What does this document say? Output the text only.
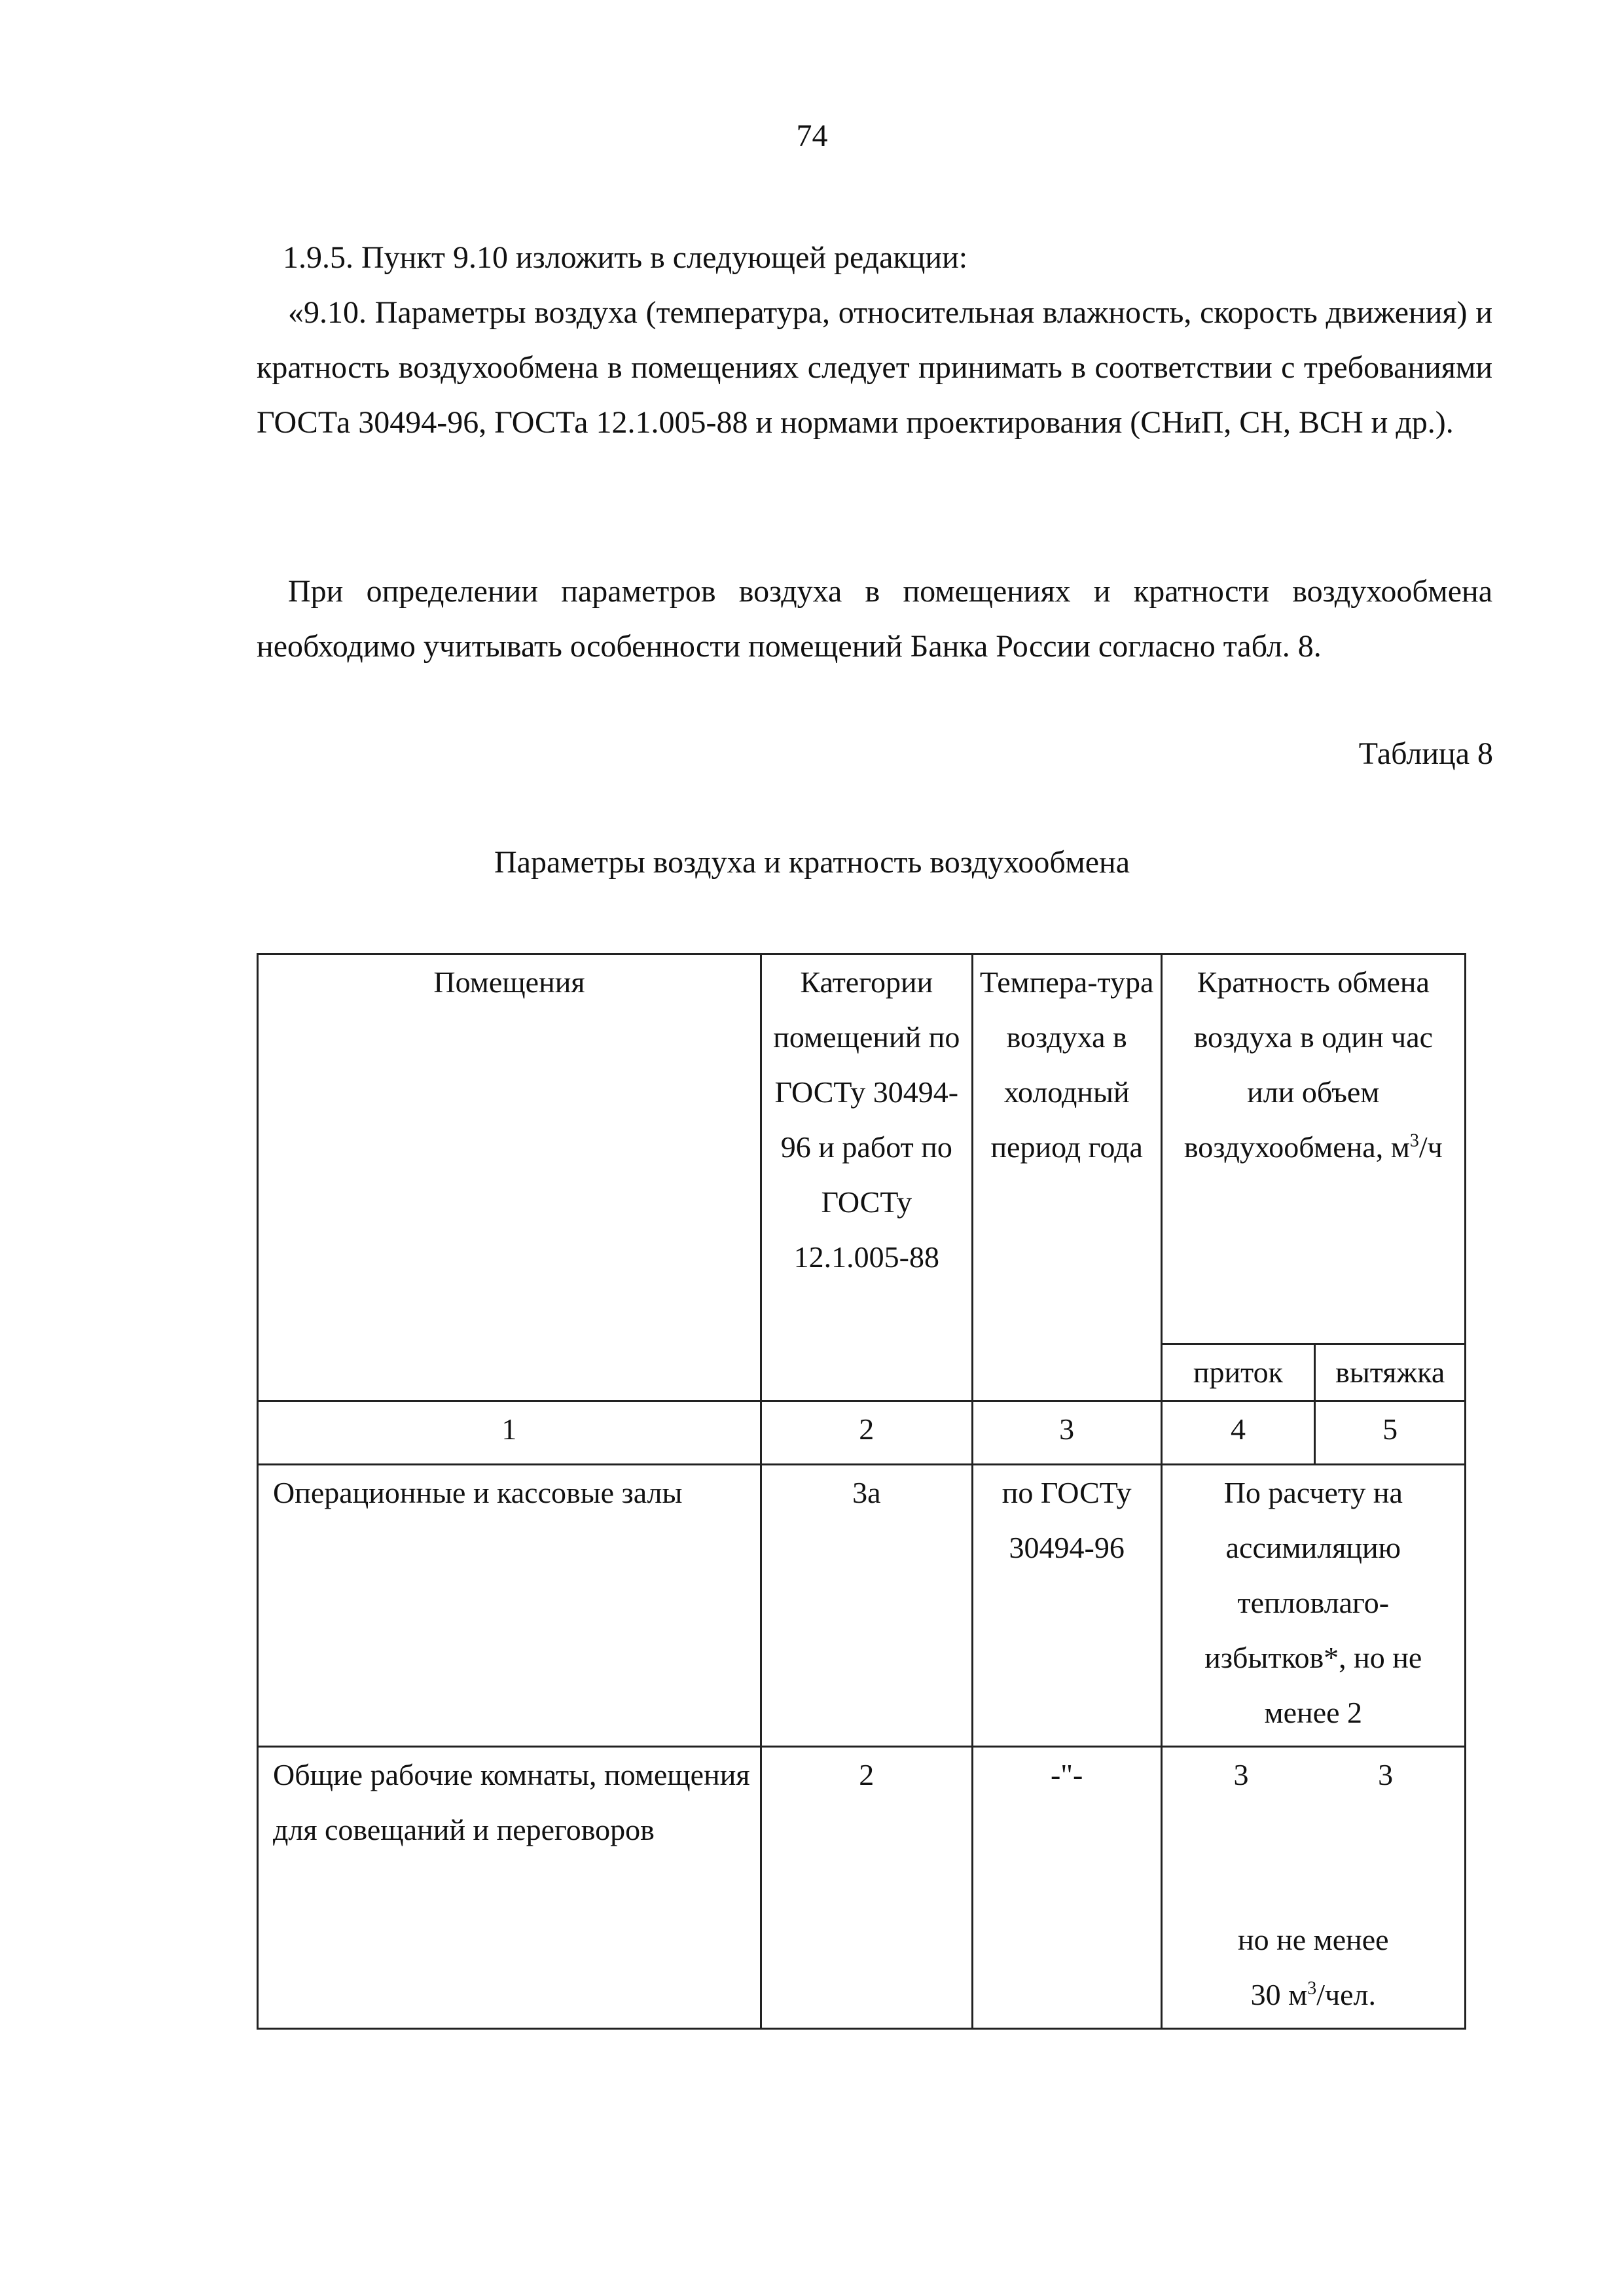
74

1.9.5. Пункт 9.10 изложить в следующей редакции:

«9.10. Параметры воздуха (температура, относительная влажность, скорость движения) и кратность воздухообмена в помещениях следует принимать в соответствии с требованиями ГОСТа 30494-96, ГОСТа 12.1.005-88 и нормами проектирования (СНиП, СН, ВСН и др.).

При определении параметров воздуха в помещениях и кратности воздухообмена необходимо учитывать особенности помещений Банка России согласно табл. 8.

Таблица 8
Параметры воздуха и кратность воздухообмена
Помещения	Категории помещений по ГОСТу 30494-96 и работ по ГОСТу 12.1.005-88	Темпера-тура воздуха в холодный период года	Кратность обмена воздуха в один час или объем воздухообмена, $м^3/ч$	
			приток	вытяжка
1	2	3	4	5
Операционные и кассовые залы	3а	по ГОСТу 30494-96	По расчету на ассимиляцию тепловлаго-избытков*, но не менее 2	
Общие рабочие комнаты, помещения для совещаний и переговоров	2	-"-	3 3
но не менее
30 $м^3$/чел.	
